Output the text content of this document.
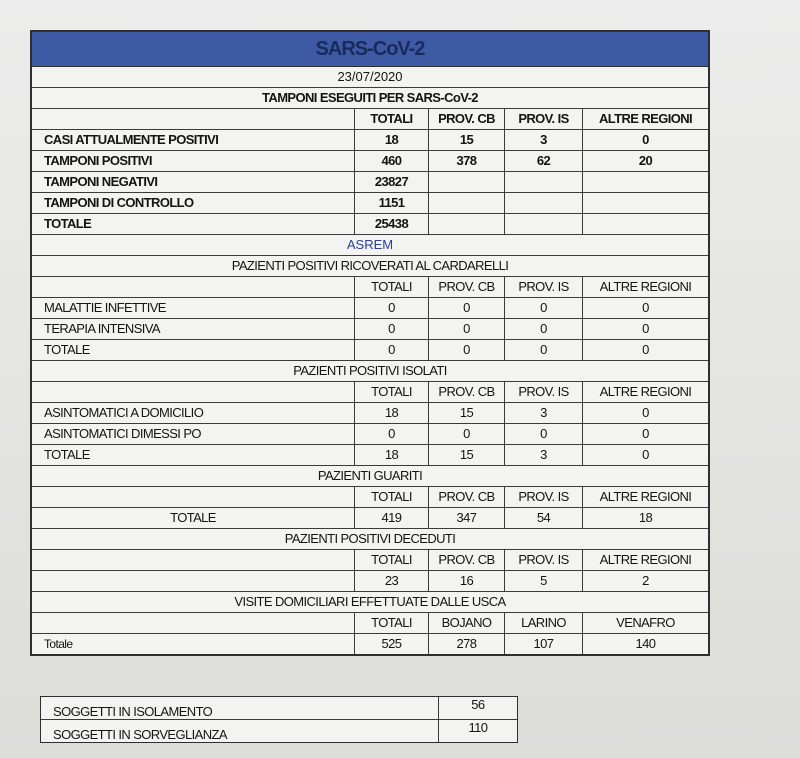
SARS-CoV-2
23/07/2020
TAMPONI ESEGUITI PER SARS-CoV-2
TOTALI	PROV. CB	PROV. IS	ALTRE REGIONI
CASI ATTUALMENTE POSITIVI	18	15	3	0
TAMPONI POSITIVI	460	378	62	20
TAMPONI NEGATIVI	23827
TAMPONI DI CONTROLLO	1151
TOTALE	25438
ASREM
PAZIENTI POSITIVI RICOVERATI AL CARDARELLI
TOTALI	PROV. CB	PROV. IS	ALTRE REGIONI
MALATTIE INFETTIVE	0	0	0	0
TERAPIA INTENSIVA	0	0	0	0
TOTALE	0	0	0	0
PAZIENTI POSITIVI ISOLATI
TOTALI	PROV. CB	PROV. IS	ALTRE REGIONI
ASINTOMATICI A DOMICILIO	18	15	3	0
ASINTOMATICI DIMESSI PO	0	0	0	0
TOTALE	18	15	3	0
PAZIENTI GUARITI
TOTALI	PROV. CB	PROV. IS	ALTRE REGIONI
TOTALE	419	347	54	18
PAZIENTI POSITIVI DECEDUTI
TOTALI	PROV. CB	PROV. IS	ALTRE REGIONI
23	16	5	2
VISITE DOMICILIARI EFFETTUATE DALLE USCA
TOTALI	BOJANO	LARINO	VENAFRO
Totale	525	278	107	140
SOGGETTI IN ISOLAMENTO	56
SOGGETTI IN SORVEGLIANZA	110
